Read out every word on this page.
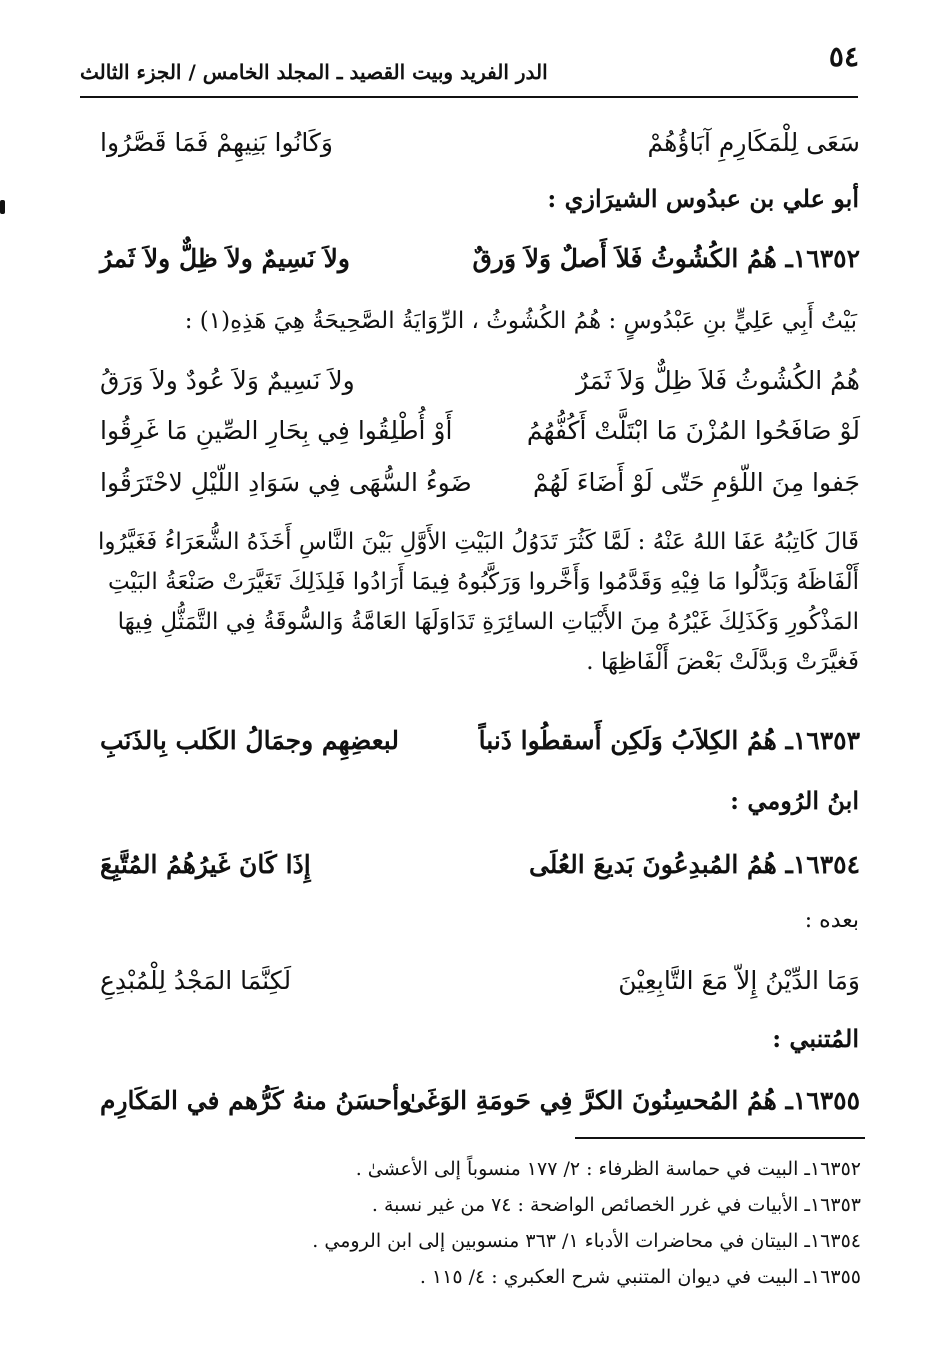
٥٤
الدر الفريد وبيت القصيد ـ المجلد الخامس / الجزء الثالث
سَعَى لِلْمَكَارِمِ آبَاؤُهُمْ
وَكَانُوا بَنِيهِمْ فَمَا قَصَّرُوا
أبو علي بن عبدُوس الشيرَازي :
١٦٣٥٢ـ هُمُ الكُشُوثُ فَلاَ أَصلٌ وَلاَ وَرقٌ
ولاَ نَسِيمٌ ولاَ ظِلٌّ ولاَ ثَمرُ
بَيْتُ أَبِي عَلِيٍّ بنِ عَبْدُوسٍ : هُمُ الكُشُوثُ ، الرِّوَايَةُ الصَّحِيحَةُ هِيَ هَذِهِ(١) :
هُمُ الكُشُوثُ فَلاَ ظِلٌّ وَلاَ ثَمَرٌ
ولاَ نَسِيمٌ وَلاَ عُودٌ ولاَ وَرَقُ
لَوْ صَافَحُوا المُزْنَ مَا ابْتَلَّتْ أَكُفُّهُمُ
أَوْ أُطْلِقُوا فِي بِحَارِ الصِّينِ مَا غَرِقُوا
جَفوا مِنَ اللّؤمِ حَتّى لَوْ أَضَاءَ لَهُمْ
ضَوءُ السُّهَى فِي سَوَادِ اللّيْلِ لاحْتَرَقُوا
قَالَ كَاتِبُهُ عَفَا اللهُ عَنْهُ : لَمَّا كَثُرَ تَدَوُلُ البَيْتِ الأَوَّلِ بَيْنَ النَّاسِ أَخَذَهُ الشُّعَرَاءُ فَغَيَّرُوا
أَلْفَاظَهُ وَبَدَّلُوا مَا فِيْهِ وَقَدَّمُوا وَأَخَّروا وَرَكَّبُوهُ فِيمَا أَرَادُوا فَلِذَلِكَ تَغَيَّرَتْ صَنْعَةُ البَيْتِ
المَذْكُورِ وَكَذَلِكَ غَيْرُهُ مِنَ الأَبْيَاتِ السائِرَةِ تَدَاوَلَهَا العَامَّةُ وَالسُّوقَةُ فِي التَّمَثُّلِ فِيهَا
فَغيَّرَتْ وَبدَّلَتْ بَعْضَ أَلْفَاظِهَا .
١٦٣٥٣ـ هُمُ الكِلاَبُ وَلَكِن أَسقطُوا ذَنباً
لبعضِهِم وجمَالُ الكَلب بِالذَنَبِ
ابنُ الرُومي :
١٦٣٥٤ـ هُمُ المُبدِعُونَ بَديعَ العُلَى
إِذَا كَانَ غَيرُهُمُ المُتَّبِعَ
بعده :
وَمَا الدِّيْنُ إِلاّ مَعَ التَّابِعِيْنَ
لَكِنَّمَا المَجْدُ لِلْمُبْدِعِ
المُتنبي :
١٦٣٥٥ـ هُمُ المُحسِنُونَ الكرَّ فِي حَومَةِ الوَغَىٰ
وأحسَنُ منهُ كَرُّهم في المَكَارِم
١٦٣٥٢ـ البيت في حماسة الظرفاء : ٢/ ١٧٧ منسوباً إلى الأعشىٰ .
١٦٣٥٣ـ الأبيات في غرر الخصائص الواضحة : ٧٤ من غير نسبة .
١٦٣٥٤ـ البيتان في محاضرات الأدباء ١/ ٣٦٣ منسوبين إلى ابن الرومي .
١٦٣٥٥ـ البيت في ديوان المتنبي شرح العكبري : ٤/ ١١٥ .
